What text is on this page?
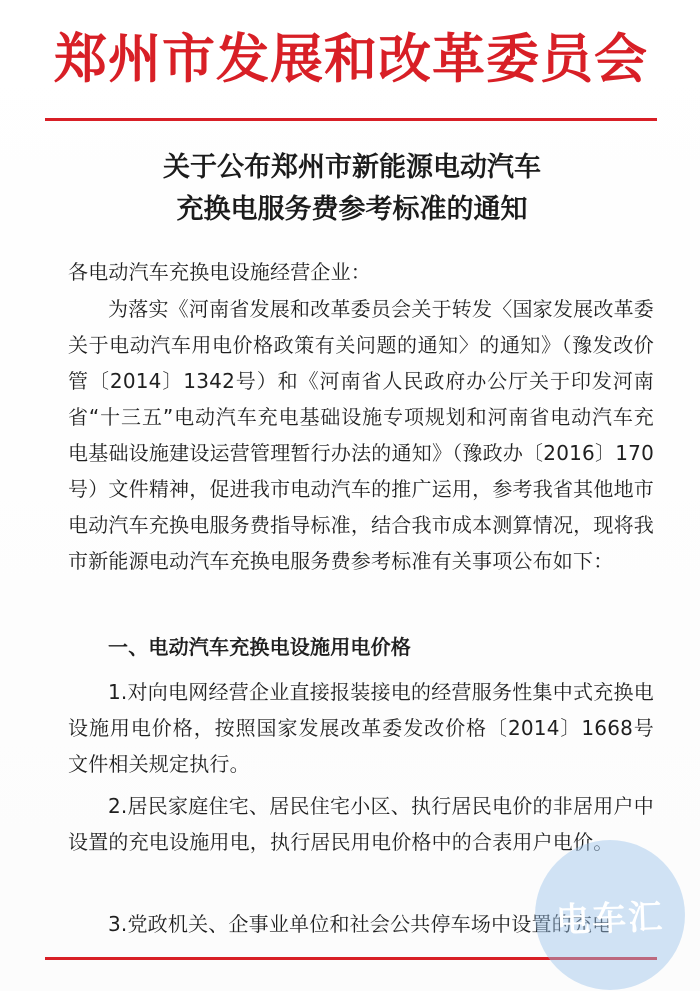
郑州市发展和改革委员会
关于公布郑州市新能源电动汽车
充换电服务费参考标准的通知
各电动汽车充换电设施经营企业：
为落实《河南省发展和改革委员会关于转发〈国家发展改革委关于电动汽车用电价格政策有关问题的通知〉的通知》（豫发改价管〔2014〕1342号）和《河南省人民政府办公厅关于印发河南省“十三五”电动汽车充电基础设施专项规划和河南省电动汽车充电基础设施建设运营管理暂行办法的通知》（豫政办〔2016〕170号）文件精神，促进我市电动汽车的推广运用，参考我省其他地市电动汽车充换电服务费指导标准，结合我市成本测算情况，现将我市新能源电动汽车充换电服务费参考标准有关事项公布如下：
一、电动汽车充换电设施用电价格
1.对向电网经营企业直接报装接电的经营服务性集中式充换电设施用电价格，按照国家发展改革委发改价格〔2014〕1668号文件相关规定执行。
2.居民家庭住宅、居民住宅小区、执行居民电价的非居用户中设置的充电设施用电，执行居民用电价格中的合表用户电价。
3.党政机关、企事业单位和社会公共停车场中设置的充电
电车汇
